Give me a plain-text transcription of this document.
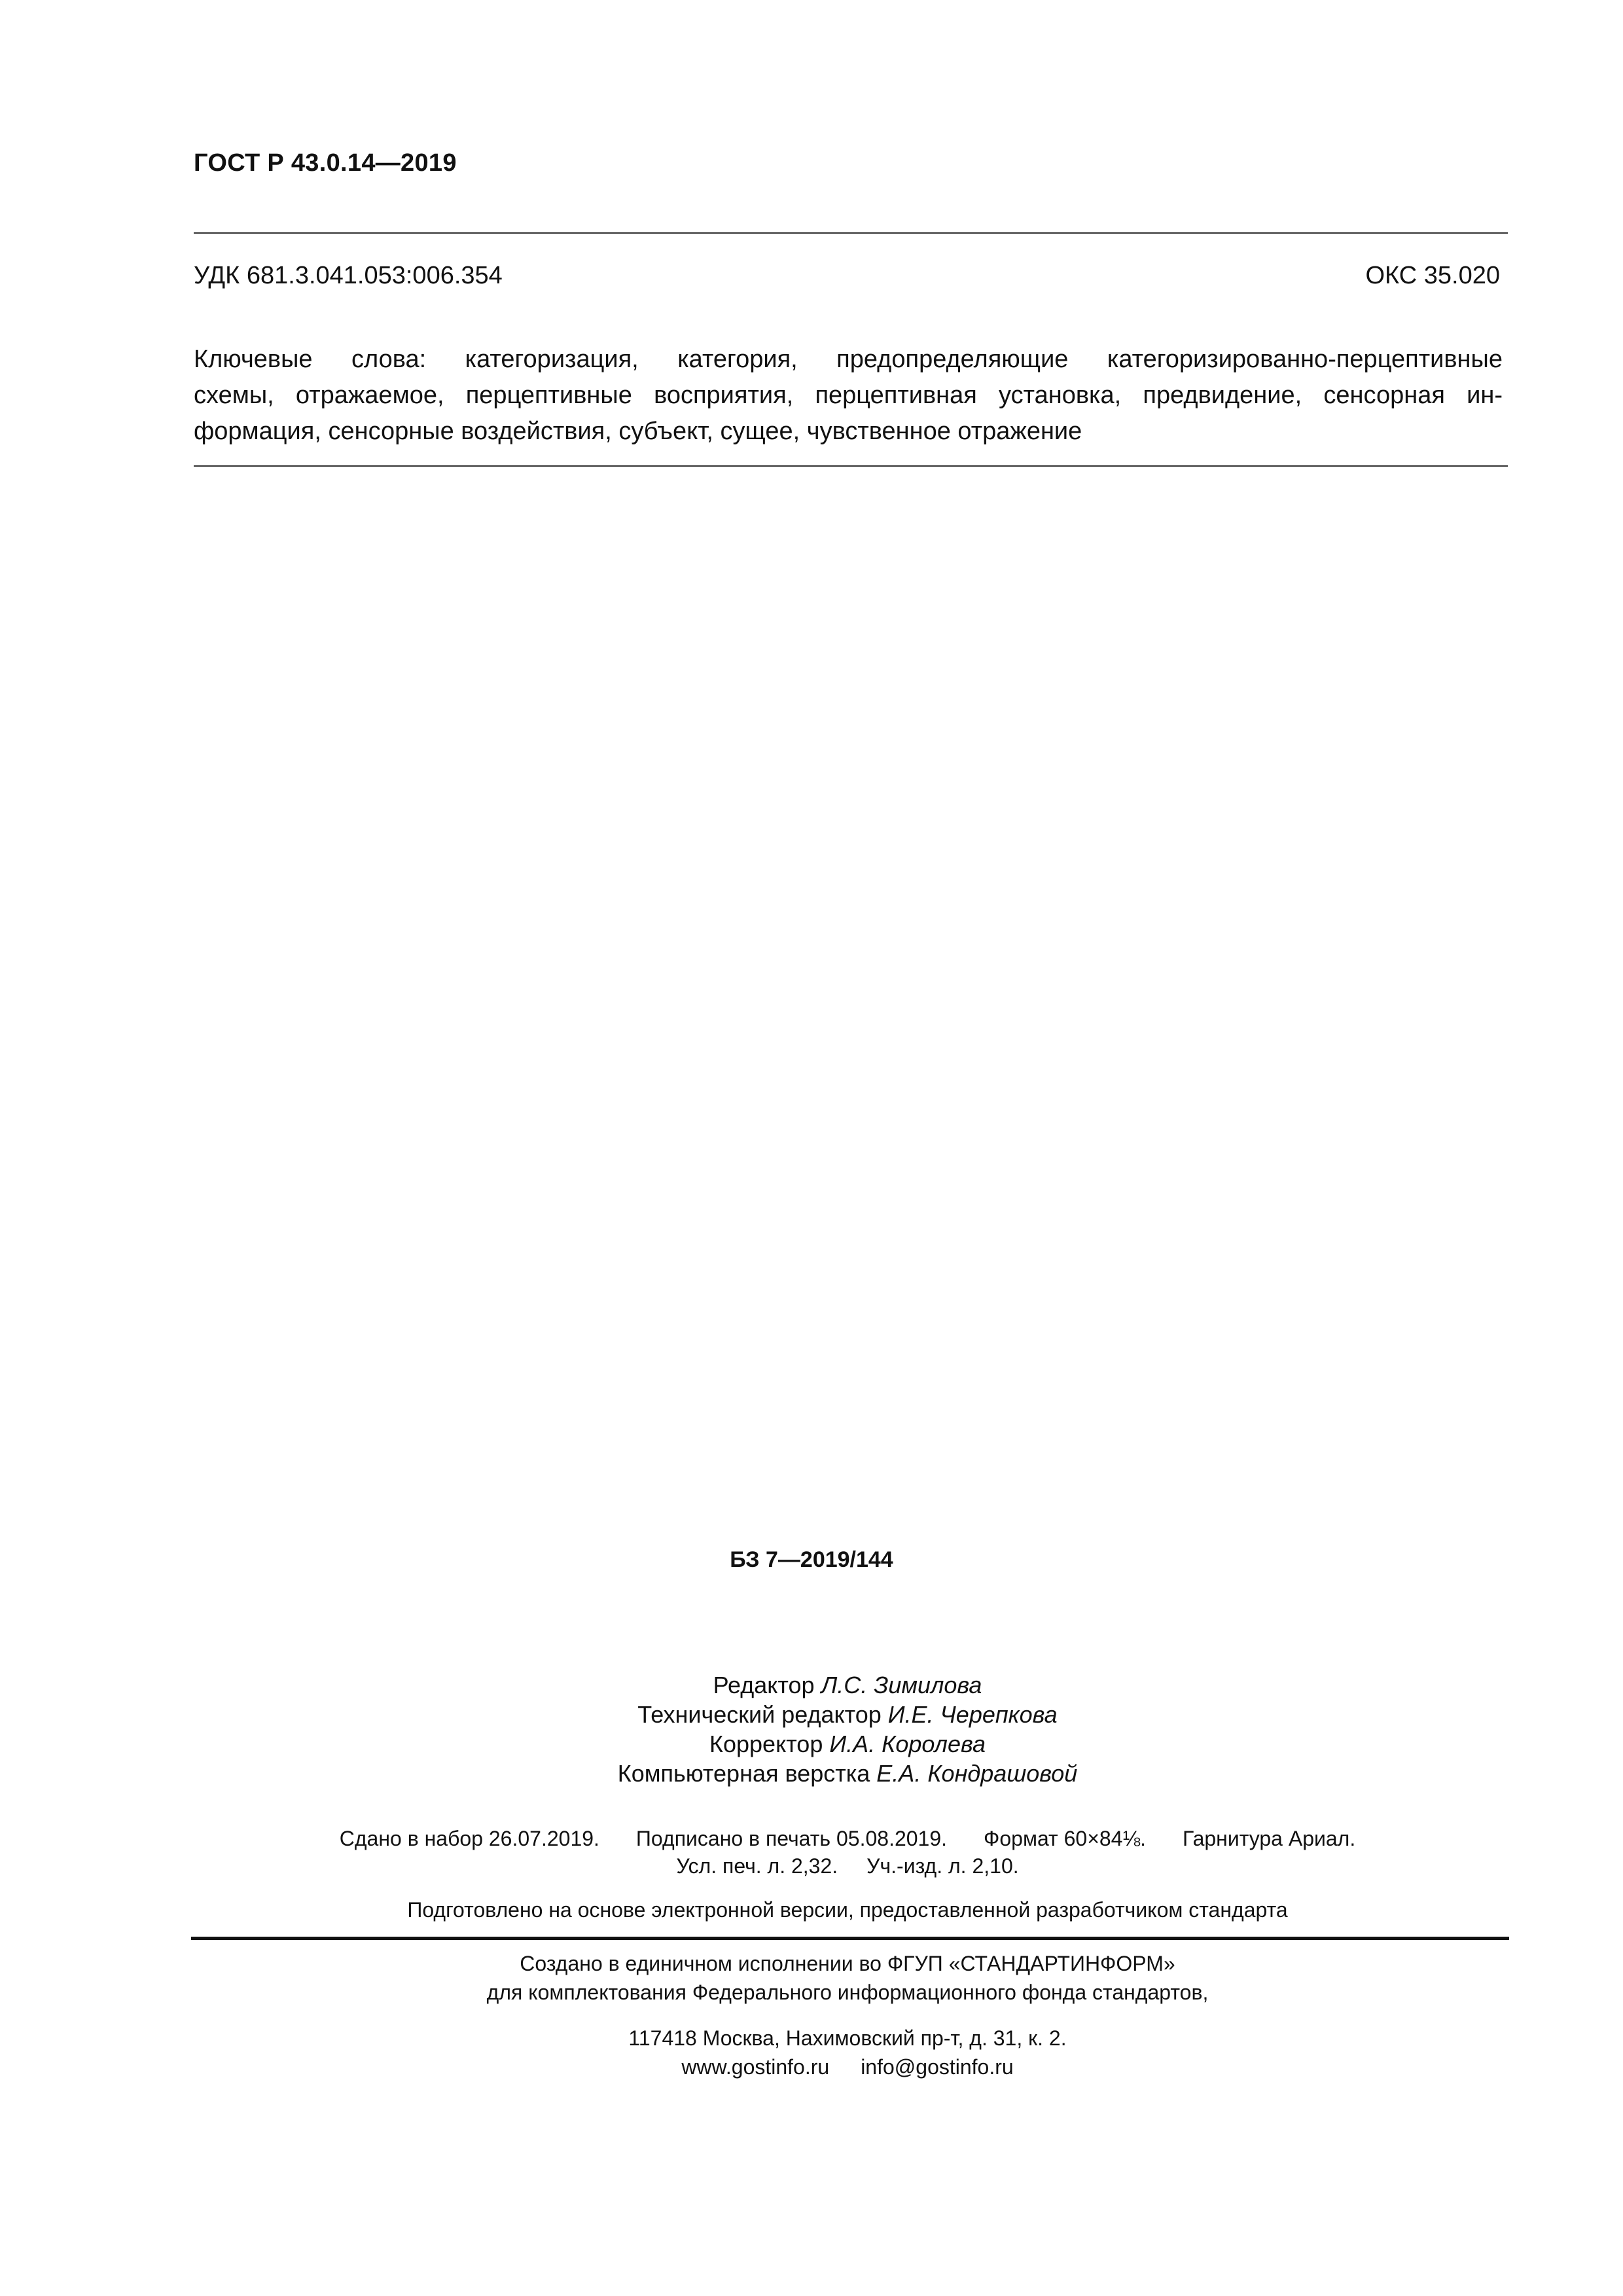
ГОСТ Р 43.0.14—2019
УДК 681.3.041.053:006.354	ОКС 35.020
Ключевые слова: категоризация, категория, предопределяющие категоризированно-перцептивные
схемы, отражаемое, перцептивные восприятия, перцептивная установка, предвидение, сенсорная ин-
формация, сенсорные воздействия, субъект, сущее, чувственное отражение
БЗ 7—2019/144
Редактор Л.С. Зимилова
Технический редактор И.Е. Черепкова
Корректор И.А. Королева
Компьютерная верстка Е.А. Кондрашовой
Сдано в набор 26.07.2019. Подписано в печать 05.08.2019. Формат 60×84⅛. Гарнитура Ариал.
Усл. печ. л. 2,32. Уч.-изд. л. 2,10.
Подготовлено на основе электронной версии, предоставленной разработчиком стандарта
Создано в единичном исполнении во ФГУП «СТАНДАРТИНФОРМ»
для комплектования Федерального информационного фонда стандартов,
117418 Москва, Нахимовский пр-т, д. 31, к. 2.
www.gostinfo.ru info@gostinfo.ru
